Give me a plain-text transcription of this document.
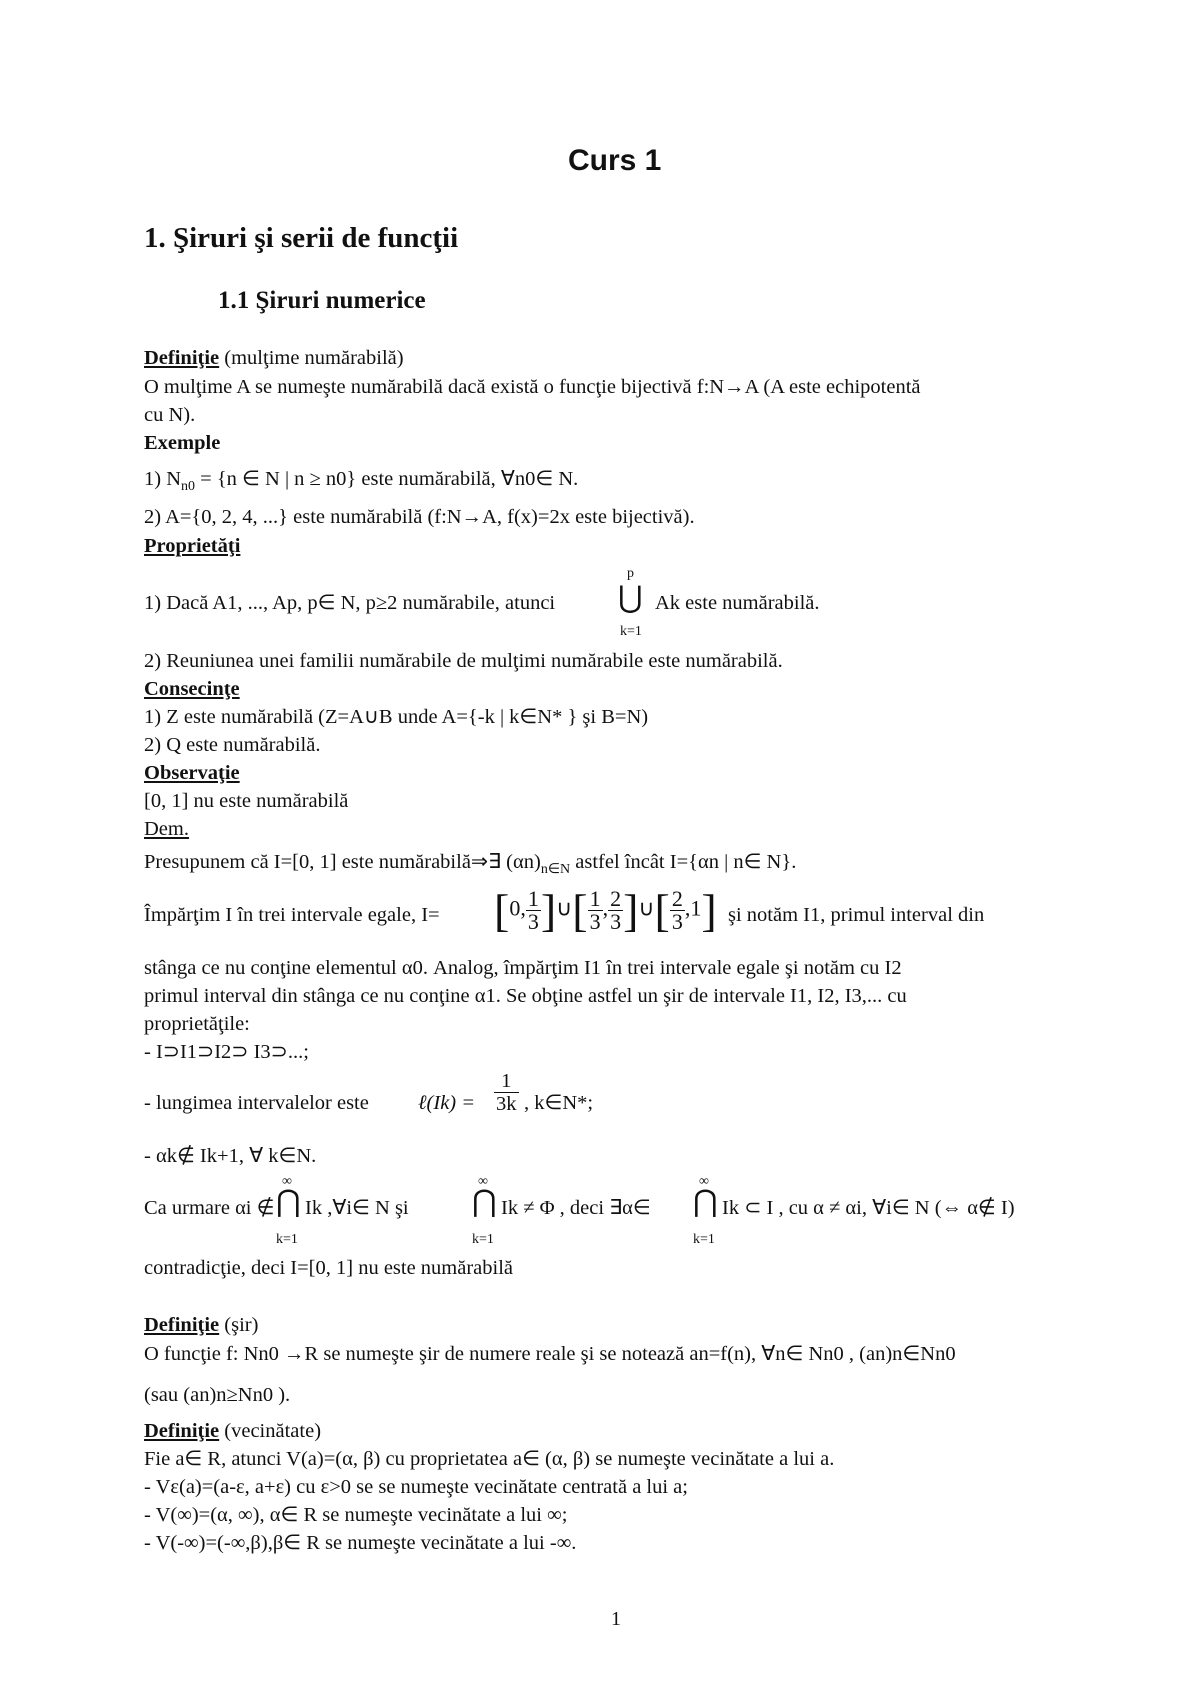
Curs 1
1. Şiruri şi serii de funcţii
1.1 Şiruri numerice
Definiţie (mulţime numărabilă)
O mulţime A se numeşte numărabilă dacă există o funcţie bijectivă f:N→A (A este echipotentă
cu N).
Exemple
1) $N_{n0} = \{n$ ∈ N | n ≥ n0} este numărabilă, ∀n0∈ N.
2) A={0, 2, 4, ...} este numărabilă (f:N→A, f(x)=2x este bijectivă).
Proprietăţi
p
1) Dacă A1, ..., Ap, p∈ N, p≥2 numărabile, atunci ⋃ Ak este numărabilă.
k=1
2) Reuniunea unei familii numărabile de mulţimi numărabile este numărabilă.
Consecinţe
1) Z este numărabilă (Z=A∪B unde A={-k | k∈N* } şi B=N)
2) Q este numărabilă.
Observaţie
[0, 1] nu este numărabilă
Dem.
Presupunem că I=[0, 1] este numărabilă⇒∃ $(\alpha n)_{n\in N}$ astfel încât I={αn | n∈ N}.
Împărţim I în trei intervale egale, I= [0, $\frac{1}{3}$ ]∪[ $\frac{1}{3}$ , $\frac{2}{3}$ ]∪[ $\frac{2}{3} ,1$] şi notăm I1, primul interval din
stânga ce nu conţine elementul α0. Analog, împărţim I1 în trei intervale egale şi notăm cu I2
primul interval din stânga ce nu conţine α1. Se obţine astfel un şir de intervale I1, I2, I3,... cu
proprietăţile:
- I⊃I1⊃I2⊃ I3⊃...;
- lungimea intervalelor este ℓ(Ik) = $\frac{1}{3k}$ , k∈N*;
- αk∉ Ik+1, ∀ k∈N.
∞	∞	∞
Ca urmare αi ∉ ⋂ Ik ,∀i∈ N şi ⋂ Ik ≠ Φ , deci ∃α∈ ⋂ Ik ⊂ I , cu α ≠ αi, ∀i∈ N (⇔ α∉ I)
k=1	k=1	k=1
contradicţie, deci I=[0, 1] nu este numărabilă
Definiţie (şir)
O funcţie f: Nn0 →R se numeşte şir de numere reale şi se notează an=f(n), ∀n∈ Nn0 , (an)n∈Nn0
(sau (an)n≥Nn0 ).
Definiţie (vecinătate)
Fie a∈ R, atunci V(a)=(α, β) cu proprietatea a∈ (α, β) se numeşte vecinătate a lui a.
- Vε(a)=(a-ε, a+ε) cu ε>0 se se numeşte vecinătate centrată a lui a;
- V(∞)=(α, ∞), α∈ R se numeşte vecinătate a lui ∞;
- V(-∞)=(-∞,β),β∈ R se numeşte vecinătate a lui -∞.
1
